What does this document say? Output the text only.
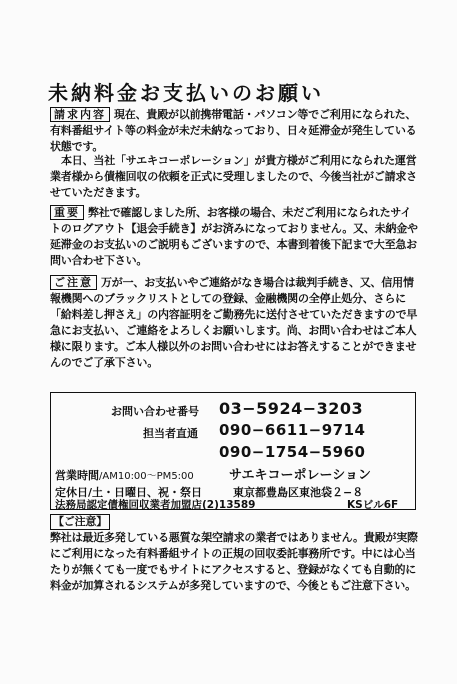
未納料金お支払いのお願い

請求内容 現在、貴殿が以前携帯電話・パソコン等でご利用になられた、有料番組サイト等の料金が未だ未納なっており、日々延滞金が発生している状態です。

本日、当社「サエキコーポレーション」が貴方様がご利用になられた運営業者様から債権回収の依頼を正式に受理しましたので、今後当社がご請求させていただきます。

重要 弊社で確認しました所、お客様の場合、未だご利用になられたサイトのログアウト【退会手続き】がお済みになっておりません。又、未納金や延滞金のお支払いのご説明もございますので、本書到着後下記まで大至急お問い合わせ下さい。

ご注意 万が一、お支払いやご連絡がなき場合は裁判手続き、又、信用情報機関へのブラックリストとしての登録、金融機関の全停止処分、さらに「給料差し押さえ」の内容証明をご勤務先に送付させていただきますので早急にお支払い、ご連絡をよろしくお願いします。尚、お問い合わせはご本人様に限ります。ご本人様以外のお問い合わせにはお答えすることができませんのでご了承下さい。

お問い合わせ番号 03−5924−3203
担当者直通 090−6611−9714
090−1754−5960
営業時間/AM10:00〜PM5:00	サエキコーポレーション
定休日/土・日曜日、祝・祭日	東京都豊島区東池袋２−８
法務局認定債権回収業者加盟店(2)13589	KSビル6F

【ご注意】

弊社は最近多発している悪質な架空請求の業者ではありません。貴殿が実際にご利用になった有料番組サイトの正規の回収委託事務所です。中には心当たりが無くても一度でもサイトにアクセスすると、登録がなくても自動的に料金が加算されるシステムが多発していますので、今後ともご注意下さい。
